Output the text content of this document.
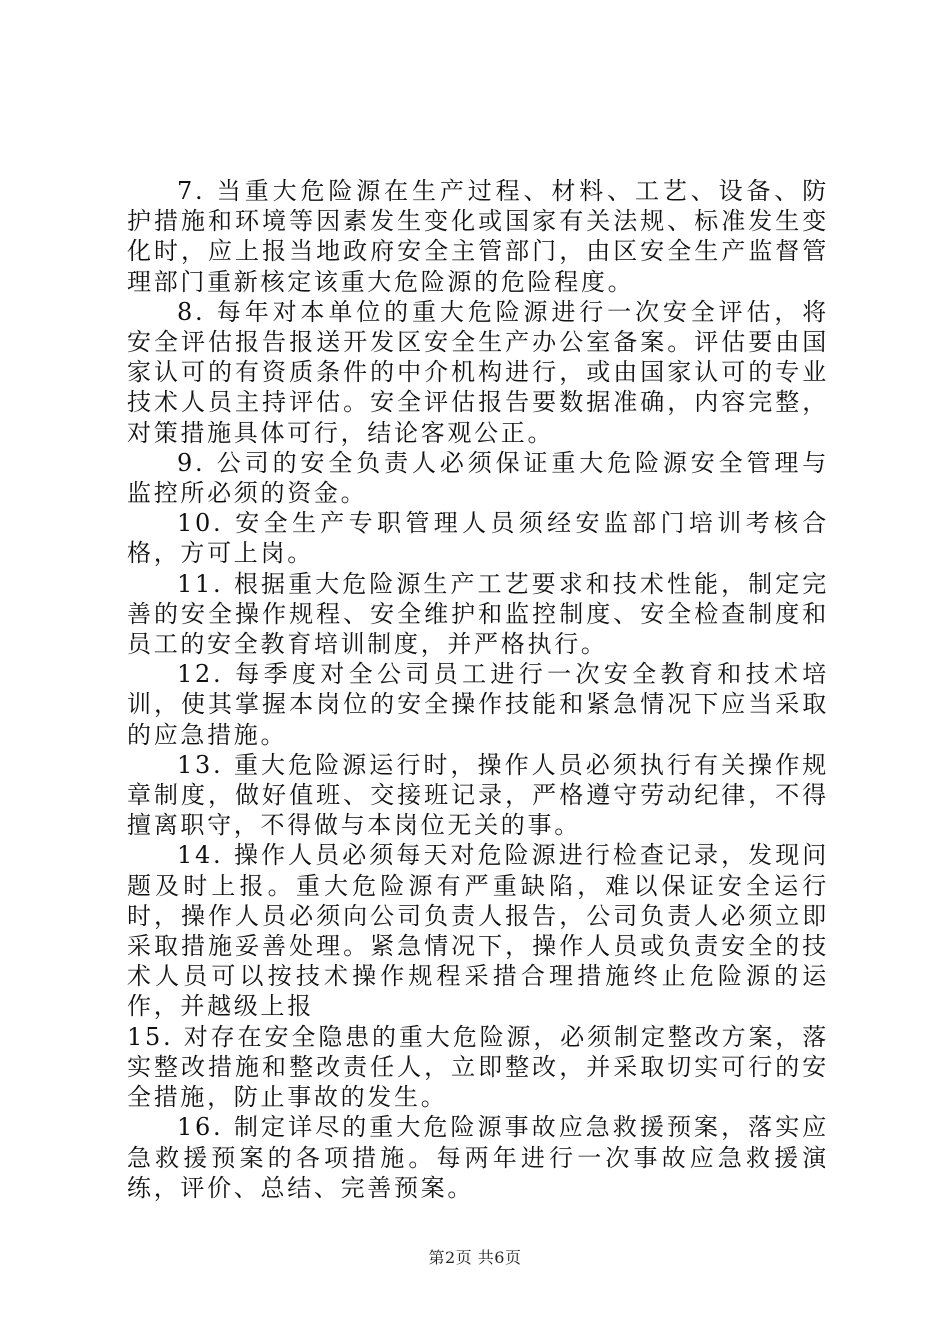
7. 当重大危险源在生产过程、材料、工艺、设备、防护措施和环境等因素发生变化或国家有关法规、标准发生变化时，应上报当地政府安全主管部门，由区安全生产监督管理部门重新核定该重大危险源的危险程度。

8. 每年对本单位的重大危险源进行一次安全评估，将安全评估报告报送开发区安全生产办公室备案。评估要由国家认可的有资质条件的中介机构进行，或由国家认可的专业技术人员主持评估。安全评估报告要数据准确，内容完整，对策措施具体可行，结论客观公正。

9. 公司的安全负责人必须保证重大危险源安全管理与监控所必须的资金。

10. 安全生产专职管理人员须经安监部门培训考核合格，方可上岗。

11. 根据重大危险源生产工艺要求和技术性能，制定完善的安全操作规程、安全维护和监控制度、安全检查制度和员工的安全教育培训制度，并严格执行。

12. 每季度对全公司员工进行一次安全教育和技术培训，使其掌握本岗位的安全操作技能和紧急情况下应当采取的应急措施。

13. 重大危险源运行时，操作人员必须执行有关操作规章制度，做好值班、交接班记录，严格遵守劳动纪律，不得擅离职守，不得做与本岗位无关的事。

14. 操作人员必须每天对危险源进行检查记录，发现问题及时上报。重大危险源有严重缺陷，难以保证安全运行时，操作人员必须向公司负责人报告，公司负责人必须立即采取措施妥善处理。紧急情况下，操作人员或负责安全的技术人员可以按技术操作规程采措合理措施终止危险源的运作，并越级上报

15. 对存在安全隐患的重大危险源，必须制定整改方案，落实整改措施和整改责任人，立即整改，并采取切实可行的安全措施，防止事故的发生。

16. 制定详尽的重大危险源事故应急救援预案，落实应急救援预案的各项措施。每两年进行一次事故应急救援演练，评价、总结、完善预案。

第2页 共6页
